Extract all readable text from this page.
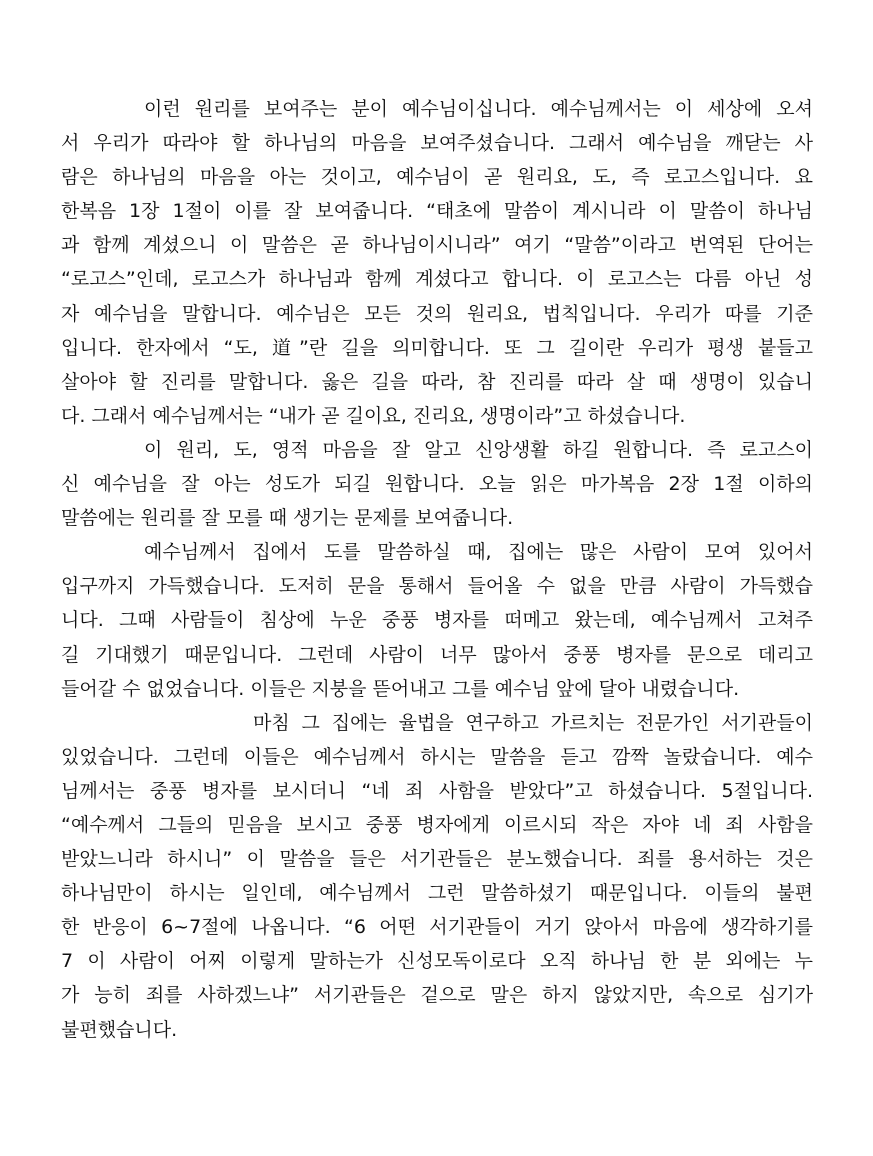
이런 원리를 보여주는 분이 예수님이십니다. 예수님께서는 이 세상에 오셔
서 우리가 따라야 할 하나님의 마음을 보여주셨습니다. 그래서 예수님을 깨닫는 사
람은 하나님의 마음을 아는 것이고, 예수님이 곧 원리요, 도, 즉 로고스입니다. 요
한복음 1장 1절이 이를 잘 보여줍니다. “태초에 말씀이 계시니라 이 말씀이 하나님
과 함께 계셨으니 이 말씀은 곧 하나님이시니라” 여기 “말씀”이라고 번역된 단어는
“로고스”인데, 로고스가 하나님과 함께 계셨다고 합니다. 이 로고스는 다름 아닌 성
자 예수님을 말합니다. 예수님은 모든 것의 원리요, 법칙입니다. 우리가 따를 기준
입니다. 한자에서 “도, 道”란 길을 의미합니다. 또 그 길이란 우리가 평생 붙들고
살아야 할 진리를 말합니다. 옳은 길을 따라, 참 진리를 따라 살 때 생명이 있습니
다. 그래서 예수님께서는 “내가 곧 길이요, 진리요, 생명이라”고 하셨습니다.
이 원리, 도, 영적 마음을 잘 알고 신앙생활 하길 원합니다. 즉 로고스이
신 예수님을 잘 아는 성도가 되길 원합니다. 오늘 읽은 마가복음 2장 1절 이하의
말씀에는 원리를 잘 모를 때 생기는 문제를 보여줍니다.
예수님께서 집에서 도를 말씀하실 때, 집에는 많은 사람이 모여 있어서
입구까지 가득했습니다. 도저히 문을 통해서 들어올 수 없을 만큼 사람이 가득했습
니다. 그때 사람들이 침상에 누운 중풍 병자를 떠메고 왔는데, 예수님께서 고쳐주
길 기대했기 때문입니다. 그런데 사람이 너무 많아서 중풍 병자를 문으로 데리고
들어갈 수 없었습니다. 이들은 지붕을 뜯어내고 그를 예수님 앞에 달아 내렸습니다.
마침 그 집에는 율법을 연구하고 가르치는 전문가인 서기관들이
있었습니다. 그런데 이들은 예수님께서 하시는 말씀을 듣고 깜짝 놀랐습니다. 예수
님께서는 중풍 병자를 보시더니 “네 죄 사함을 받았다”고 하셨습니다. 5절입니다.
“예수께서 그들의 믿음을 보시고 중풍 병자에게 이르시되 작은 자야 네 죄 사함을
받았느니라 하시니” 이 말씀을 들은 서기관들은 분노했습니다. 죄를 용서하는 것은
하나님만이 하시는 일인데, 예수님께서 그런 말씀하셨기 때문입니다. 이들의 불편
한 반응이 6~7절에 나옵니다. “6 어떤 서기관들이 거기 앉아서 마음에 생각하기를
7 이 사람이 어찌 이렇게 말하는가 신성모독이로다 오직 하나님 한 분 외에는 누
가 능히 죄를 사하겠느냐” 서기관들은 겉으로 말은 하지 않았지만, 속으로 심기가
불편했습니다.
